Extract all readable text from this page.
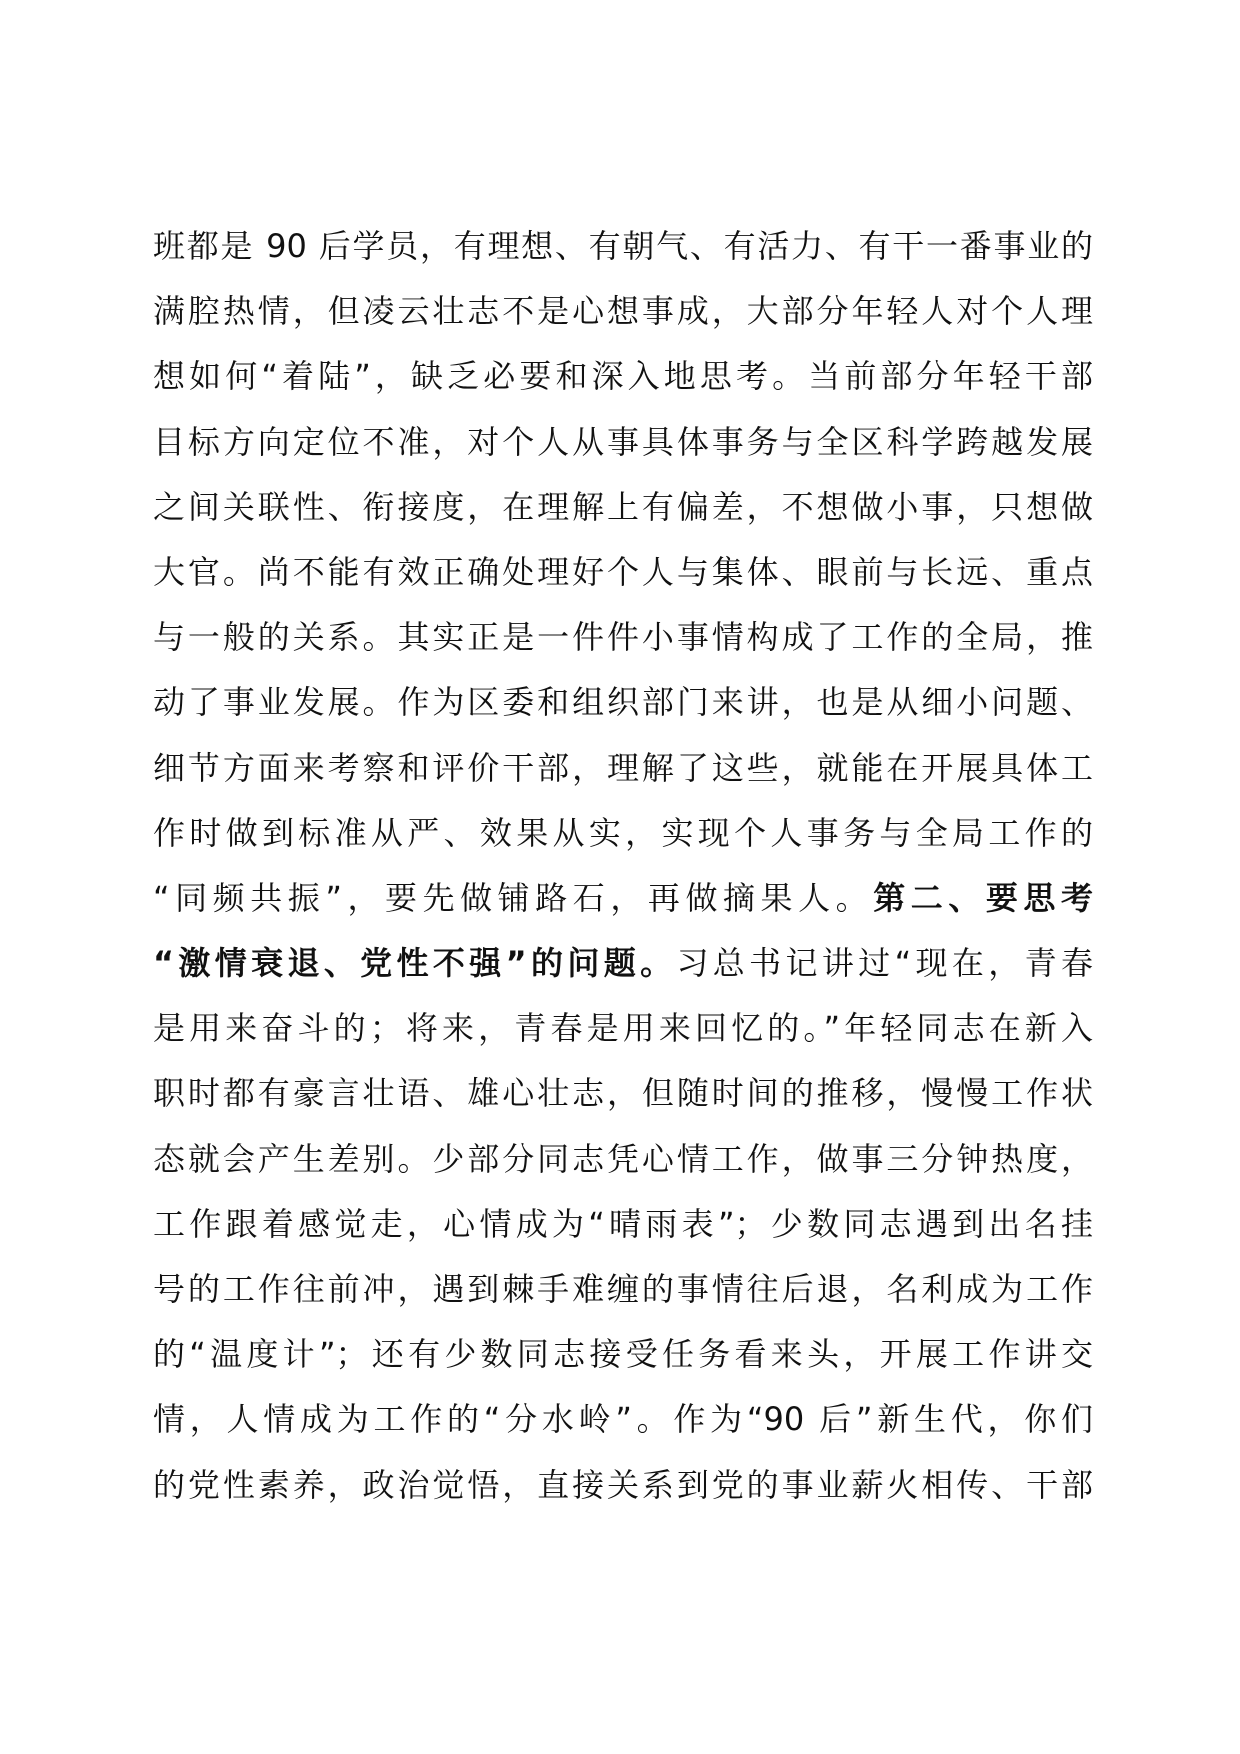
班都是 90 后学员，有理想、有朝气、有活力、有干一番事业的
满腔热情，但凌云壮志不是心想事成，大部分年轻人对个人理
想如何“着陆”，缺乏必要和深入地思考。当前部分年轻干部
目标方向定位不准，对个人从事具体事务与全区科学跨越发展
之间关联性、衔接度，在理解上有偏差，不想做小事，只想做
大官。尚不能有效正确处理好个人与集体、眼前与长远、重点
与一般的关系。其实正是一件件小事情构成了工作的全局，推
动了事业发展。作为区委和组织部门来讲，也是从细小问题、
细节方面来考察和评价干部，理解了这些，就能在开展具体工
作时做到标准从严、效果从实，实现个人事务与全局工作的
“同频共振”，要先做铺路石，再做摘果人。第二、要思考
“激情衰退、党性不强”的问题。习总书记讲过“现在，青春
是用来奋斗的；将来，青春是用来回忆的。”年轻同志在新入
职时都有豪言壮语、雄心壮志，但随时间的推移，慢慢工作状
态就会产生差别。少部分同志凭心情工作，做事三分钟热度，
工作跟着感觉走，心情成为“晴雨表”；少数同志遇到出名挂
号的工作往前冲，遇到棘手难缠的事情往后退，名利成为工作
的“温度计”；还有少数同志接受任务看来头，开展工作讲交
情，人情成为工作的“分水岭”。作为“90 后”新生代，你们
的党性素养，政治觉悟，直接关系到党的事业薪火相传、干部
